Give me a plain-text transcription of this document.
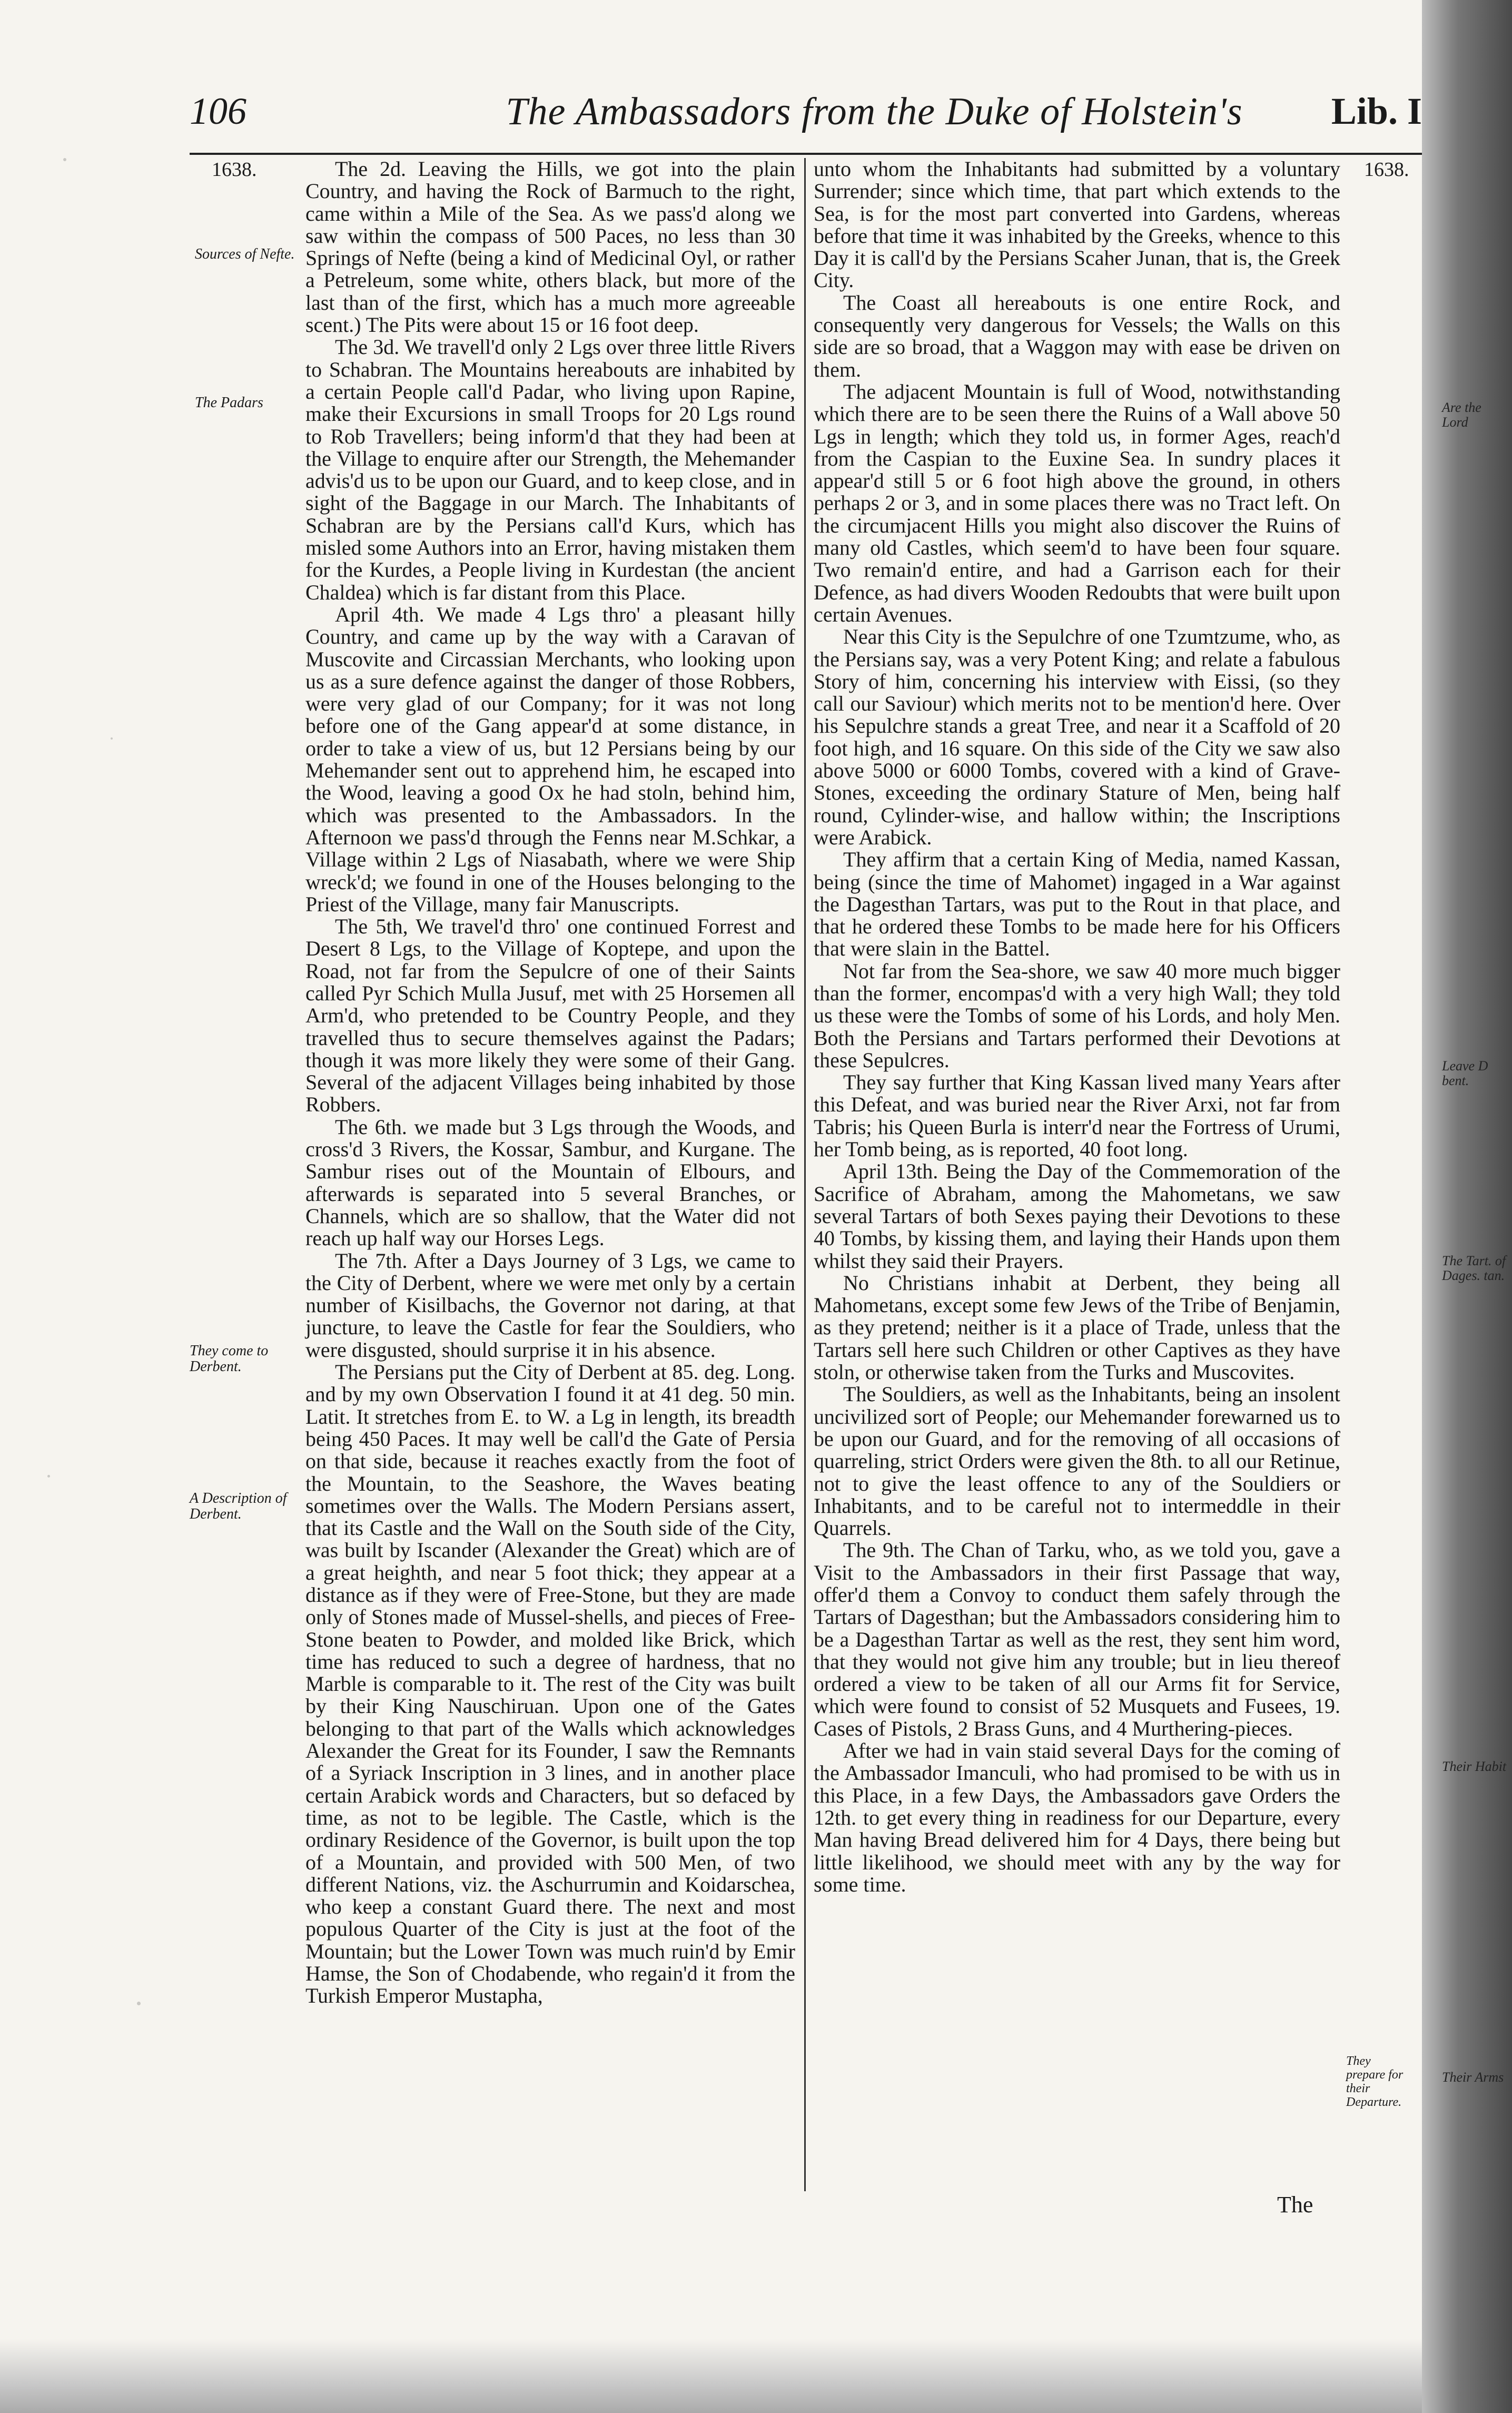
106	The Ambassadors from the Duke of Holstein's	Lib. I
1638.	1638.
Sources of Nefte.
The Padars
They come to Derbent.
A Description of Derbent.
They prepare for their Departure.

The 2d. Leaving the Hills, we got into the plain Country, and having the Rock of Barmuch to the right, came within a Mile of the Sea. As we pass'd along we saw within the compass of 500 Paces, no less than 30 Springs of Nefte (being a kind of Medicinal Oyl, or rather a Petreleum, some white, others black, but more of the last than of the first, which has a much more agreeable scent.) The Pits were about 15 or 16 foot deep.

The 3d. We travell'd only 2 Lgs over three little Rivers to Schabran. The Mountains hereabouts are inhabited by a certain People call'd Padar, who living upon Rapine, make their Excursions in small Troops for 20 Lgs round to Rob Travellers; being inform'd that they had been at the Village to enquire after our Strength, the Mehemander advis'd us to be upon our Guard, and to keep close, and in sight of the Baggage in our March. The Inhabitants of Schabran are by the Persians call'd Kurs, which has misled some Authors into an Error, having mistaken them for the Kurdes, a People living in Kurdestan (the ancient Chaldea) which is far distant from this Place.

April 4th. We made 4 Lgs thro' a pleasant hilly Country, and came up by the way with a Caravan of Muscovite and Circassian Merchants, who looking upon us as a sure defence against the danger of those Robbers, were very glad of our Company; for it was not long before one of the Gang appear'd at some distance, in order to take a view of us, but 12 Persians being by our Mehemander sent out to apprehend him, he escaped into the Wood, leaving a good Ox he had stoln, behind him, which was presented to the Ambassadors. In the Afternoon we pass'd through the Fenns near M.Schkar, a Village within 2 Lgs of Niasabath, where we were Ship wreck'd; we found in one of the Houses belonging to the Priest of the Village, many fair Manuscripts.

The 5th, We travel'd thro' one continued Forrest and Desert 8 Lgs, to the Village of Koptepe, and upon the Road, not far from the Sepulcre of one of their Saints called Pyr Schich Mulla Jusuf, met with 25 Horsemen all Arm'd, who pretended to be Country People, and they travelled thus to secure themselves against the Padars; though it was more likely they were some of their Gang. Several of the adjacent Villages being inhabited by those Robbers.

The 6th. we made but 3 Lgs through the Woods, and cross'd 3 Rivers, the Kossar, Sambur, and Kurgane. The Sambur rises out of the Mountain of Elbours, and afterwards is separated into 5 several Branches, or Channels, which are so shallow, that the Water did not reach up half way our Horses Legs.

The 7th. After a Days Journey of 3 Lgs, we came to the City of Derbent, where we were met only by a certain number of Kisilbachs, the Governor not daring, at that juncture, to leave the Castle for fear the Souldiers, who were disgusted, should surprise it in his absence.

The Persians put the City of Derbent at 85. deg. Long. and by my own Observation I found it at 41 deg. 50 min. Latit. It stretches from E. to W. a Lg in length, its breadth being 450 Paces. It may well be call'd the Gate of Persia on that side, because it reaches exactly from the foot of the Mountain, to the Seashore, the Waves beating sometimes over the Walls. The Modern Persians assert, that its Castle and the Wall on the South side of the City, was built by Iscander (Alexander the Great) which are of a great heighth, and near 5 foot thick; they appear at a distance as if they were of Free-Stone, but they are made only of Stones made of Mussel-shells, and pieces of Free-Stone beaten to Powder, and molded like Brick, which time has reduced to such a degree of hardness, that no Marble is comparable to it. The rest of the City was built by their King Nauschiruan. Upon one of the Gates belonging to that part of the Walls which acknowledges Alexander the Great for its Founder, I saw the Remnants of a Syriack Inscription in 3 lines, and in another place certain Arabick words and Characters, but so defaced by time, as not to be legible. The Castle, which is the ordinary Residence of the Governor, is built upon the top of a Mountain, and provided with 500 Men, of two different Nations, viz. the Aschurrumin and Koidarschea, who keep a constant Guard there. The next and most populous Quarter of the City is just at the foot of the Mountain; but the Lower Town was much ruin'd by Emir Hamse, the Son of Chodabende, who regain'd it from the Turkish Emperor Mustapha,

unto whom the Inhabitants had submitted by a voluntary Surrender; since which time, that part which extends to the Sea, is for the most part converted into Gardens, whereas before that time it was inhabited by the Greeks, whence to this Day it is call'd by the Persians Scaher Junan, that is, the Greek City.

The Coast all hereabouts is one entire Rock, and consequently very dangerous for Vessels; the Walls on this side are so broad, that a Waggon may with ease be driven on them.

The adjacent Mountain is full of Wood, notwithstanding which there are to be seen there the Ruins of a Wall above 50 Lgs in length; which they told us, in former Ages, reach'd from the Caspian to the Euxine Sea. In sundry places it appear'd still 5 or 6 foot high above the ground, in others perhaps 2 or 3, and in some places there was no Tract left. On the circumjacent Hills you might also discover the Ruins of many old Castles, which seem'd to have been four square. Two remain'd entire, and had a Garrison each for their Defence, as had divers Wooden Redoubts that were built upon certain Avenues.

Near this City is the Sepulchre of one Tzumtzume, who, as the Persians say, was a very Potent King; and relate a fabulous Story of him, concerning his interview with Eissi, (so they call our Saviour) which merits not to be mention'd here. Over his Sepulchre stands a great Tree, and near it a Scaffold of 20 foot high, and 16 square. On this side of the City we saw also above 5000 or 6000 Tombs, covered with a kind of Grave-Stones, exceeding the ordinary Stature of Men, being half round, Cylinder-wise, and hallow within; the Inscriptions were Arabick.

They affirm that a certain King of Media, named Kassan, being (since the time of Mahomet) ingaged in a War against the Dagesthan Tartars, was put to the Rout in that place, and that he ordered these Tombs to be made here for his Officers that were slain in the Battel.

Not far from the Sea-shore, we saw 40 more much bigger than the former, encompas'd with a very high Wall; they told us these were the Tombs of some of his Lords, and holy Men. Both the Persians and Tartars performed their Devotions at these Sepulcres.

They say further that King Kassan lived many Years after this Defeat, and was buried near the River Arxi, not far from Tabris; his Queen Burla is interr'd near the Fortress of Urumi, her Tomb being, as is reported, 40 foot long.

April 13th. Being the Day of the Commemoration of the Sacrifice of Abraham, among the Mahometans, we saw several Tartars of both Sexes paying their Devotions to these 40 Tombs, by kissing them, and laying their Hands upon them whilst they said their Prayers.

No Christians inhabit at Derbent, they being all Mahometans, except some few Jews of the Tribe of Benjamin, as they pretend; neither is it a place of Trade, unless that the Tartars sell here such Children or other Captives as they have stoln, or otherwise taken from the Turks and Muscovites.

The Souldiers, as well as the Inhabitants, being an insolent uncivilized sort of People; our Mehemander forewarned us to be upon our Guard, and for the removing of all occasions of quarreling, strict Orders were given the 8th. to all our Retinue, not to give the least offence to any of the Souldiers or Inhabitants, and to be careful not to intermeddle in their Quarrels.

The 9th. The Chan of Tarku, who, as we told you, gave a Visit to the Ambassadors in their first Passage that way, offer'd them a Convoy to conduct them safely through the Tartars of Dagesthan; but the Ambassadors considering him to be a Dagesthan Tartar as well as the rest, they sent him word, that they would not give him any trouble; but in lieu thereof ordered a view to be taken of all our Arms fit for Service, which were found to consist of 52 Musquets and Fusees, 19. Cases of Pistols, 2 Brass Guns, and 4 Murthering-pieces.

After we had in vain staid several Days for the coming of the Ambassador Imanculi, who had promised to be with us in this Place, in a few Days, the Ambassadors gave Orders the 12th. to get every thing in readiness for our Departure, every Man having Bread delivered him for 4 Days, there being but little likelihood, we should meet with any by the way for some time.

The
Are the Lord
Leave D bent.
The Tart. of Dages. tan.
Their Habit
Their Arms
